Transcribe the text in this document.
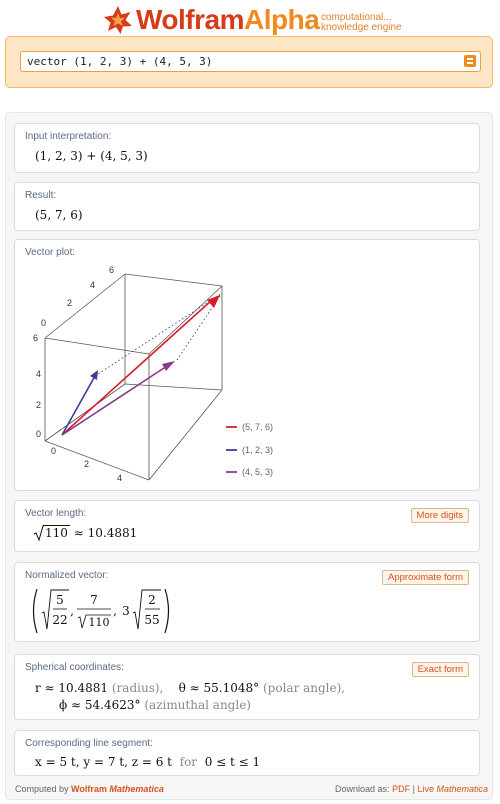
WolframAlpha computational...
knowledge engine
vector (1, 2, 3) + (4, 5, 3)
Input interpretation:
(1, 2, 3) + (4, 5, 3)
Result:
(5, 7, 6)
Vector plot:
6
4
2
0
6
4
2
0
0
2
4
(5, 7, 6)
(1, 2, 3)
(4, 5, 3)
Vector length:	More digits
110 ≈ 10.4881
Normalized vector:	Approximate form
5
22
,
7
110
, 3
2
55
Spherical coordinates:	Exact form
r ≈ 10.4881 (radius), θ ≈ 55.1048° (polar angle),
ϕ ≈ 54.4623° (azimuthal angle)
Corresponding line segment:
x = 5 t, y = 7 t, z = 6 t for 0 ≤ t ≤ 1
Computed by Wolfram Mathematica	Download as: PDF | Live Mathematica
